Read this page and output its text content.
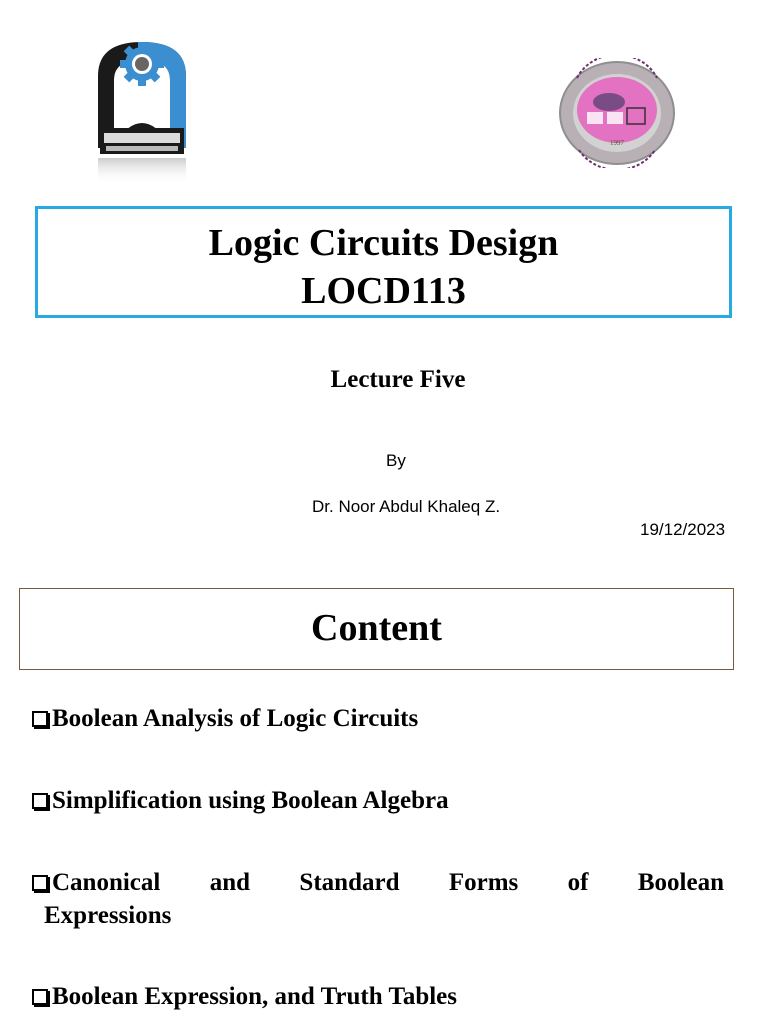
1997
Logic Circuits Design
LOCD113
Lecture Five
By
Dr. Noor Abdul Khaleq Z.
19/12/2023
Content
Boolean Analysis of Logic Circuits
Simplification using Boolean Algebra
Canonical and Standard Forms of Boolean
Expressions
Boolean Expression, and Truth Tables
